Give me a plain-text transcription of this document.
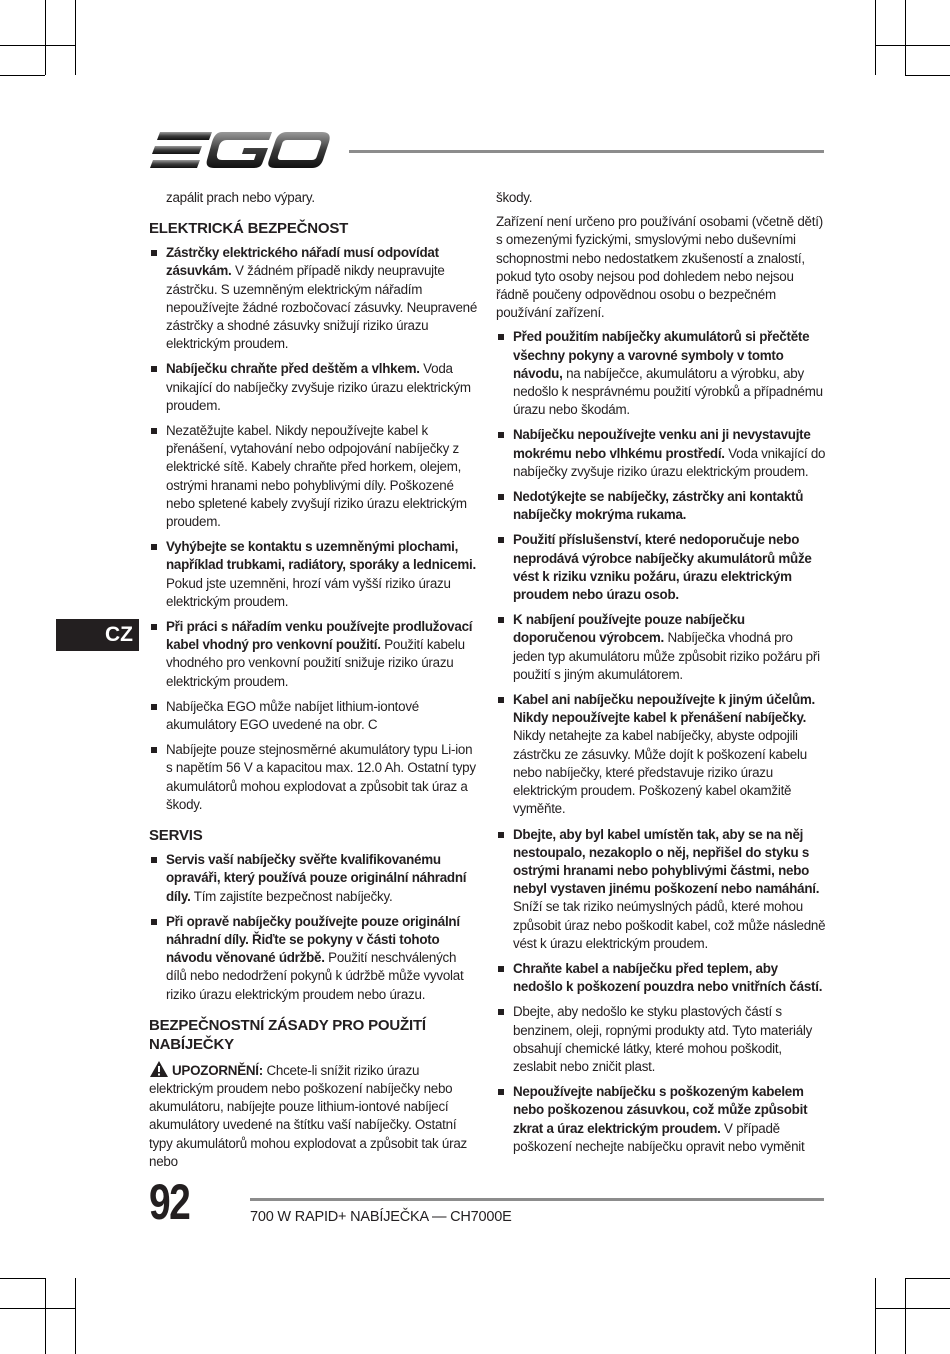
CZ

zapálit prach nebo výpary.

ELEKTRICKÁ BEZPEČNOST
Zástrčky elektrického nářadí musí odpovídat zásuvkám. V žádném případě nikdy neupravujte zástrčku. S uzemněným elektrickým nářadím nepoužívejte žádné rozbočovací zásuvky. Neupravené zástrčky a shodné zásuvky snižují riziko úrazu elektrickým proudem.
Nabíječku chraňte před deštěm a vlhkem. Voda vnikající do nabíječky zvyšuje riziko úrazu elektrickým proudem.
Nezatěžujte kabel. Nikdy nepoužívejte kabel k přenášení, vytahování nebo odpojování nabíječky z elektrické sítě. Kabely chraňte před horkem, olejem, ostrými hranami nebo pohyblivými díly. Poškozené nebo spletené kabely zvyšují riziko úrazu elektrickým proudem.
Vyhýbejte se kontaktu s uzemněnými plochami, například trubkami, radiátory, sporáky a lednicemi. Pokud jste uzemněni, hrozí vám vyšší riziko úrazu elektrickým proudem.
Při práci s nářadím venku používejte prodlužovací kabel vhodný pro venkovní použití. Použití kabelu vhodného pro venkovní použití snižuje riziko úrazu elektrickým proudem.
Nabíječka EGO může nabíjet lithium-iontové akumulátory EGO uvedené na obr. C
Nabíjejte pouze stejnosměrné akumulátory typu Li-ion s napětím 56 V a kapacitou max. 12.0 Ah. Ostatní typy akumulátorů mohou explodovat a způsobit tak úraz a škody.
SERVIS
Servis vaší nabíječky svěřte kvalifikovanému opraváři, který používá pouze originální náhradní díly. Tím zajistíte bezpečnost nabíječky.
Při opravě nabíječky používejte pouze originální náhradní díly. Řiďte se pokyny v části tohoto návodu věnované údržbě. Použití neschválených dílů nebo nedodržení pokynů k údržbě může vyvolat riziko úrazu elektrickým proudem nebo úrazu.
BEZPEČNOSTNÍ ZÁSADY PRO POUŽITÍ NABÍJEČKY

UPOZORNĚNÍ: Chcete-li snížit riziko úrazu elektrickým proudem nebo poškození nabíječky nebo akumulátoru, nabíjejte pouze lithium-iontové nabíjecí akumulátory uvedené na štítku vaší nabíječky. Ostatní typy akumulátorů mohou explodovat a způsobit tak úraz nebo

škody.

Zařízení není určeno pro používání osobami (včetně dětí) s omezenými fyzickými, smyslovými nebo duševními schopnostmi nebo nedostatkem zkušeností a znalostí, pokud tyto osoby nejsou pod dohledem nebo nejsou řádně poučeny odpovědnou osobu o bezpečném používání zařízení.

Před použitím nabíječky akumulátorů si přečtěte všechny pokyny a varovné symboly v tomto návodu, na nabíječce, akumulátoru a výrobku, aby nedošlo k nesprávnému použití výrobků a případnému úrazu nebo škodám.
Nabíječku nepoužívejte venku ani ji nevystavujte mokrému nebo vlhkému prostředí. Voda vnikající do nabíječky zvyšuje riziko úrazu elektrickým proudem.
Nedotýkejte se nabíječky, zástrčky ani kontaktů nabíječky mokrýma rukama.
Použití příslušenství, které nedoporučuje nebo neprodává výrobce nabíječky akumulátorů může vést k riziku vzniku požáru, úrazu elektrickým proudem nebo úrazu osob.
K nabíjení používejte pouze nabíječku doporučenou výrobcem. Nabíječka vhodná pro jeden typ akumulátoru může způsobit riziko požáru při použití s jiným akumulátorem.
Kabel ani nabíječku nepoužívejte k jiným účelům. Nikdy nepoužívejte kabel k přenášení nabíječky. Nikdy netahejte za kabel nabíječky, abyste odpojili zástrčku ze zásuvky. Může dojít k poškození kabelu nebo nabíječky, které představuje riziko úrazu elektrickým proudem. Poškozený kabel okamžitě vyměňte.
Dbejte, aby byl kabel umístěn tak, aby se na něj nestoupalo, nezakoplo o něj, nepřišel do styku s ostrými hranami nebo pohyblivými částmi, nebo nebyl vystaven jinému poškození nebo namáhání. Sníží se tak riziko neúmyslných pádů, které mohou způsobit úraz nebo poškodit kabel, což může následně vést k úrazu elektrickým proudem.
Chraňte kabel a nabíječku před teplem, aby nedošlo k poškození pouzdra nebo vnitřních částí.
Dbejte, aby nedošlo ke styku plastových částí s benzinem, oleji, ropnými produkty atd. Tyto materiály obsahují chemické látky, které mohou poškodit, zeslabit nebo zničit plast.
Nepoužívejte nabíječku s poškozeným kabelem nebo poškozenou zásuvkou, což může způsobit zkrat a úraz elektrickým proudem. V případě poškození nechejte nabíječku opravit nebo vyměnit
92	700 W RAPID+ NABÍJEČKA — CH7000E
